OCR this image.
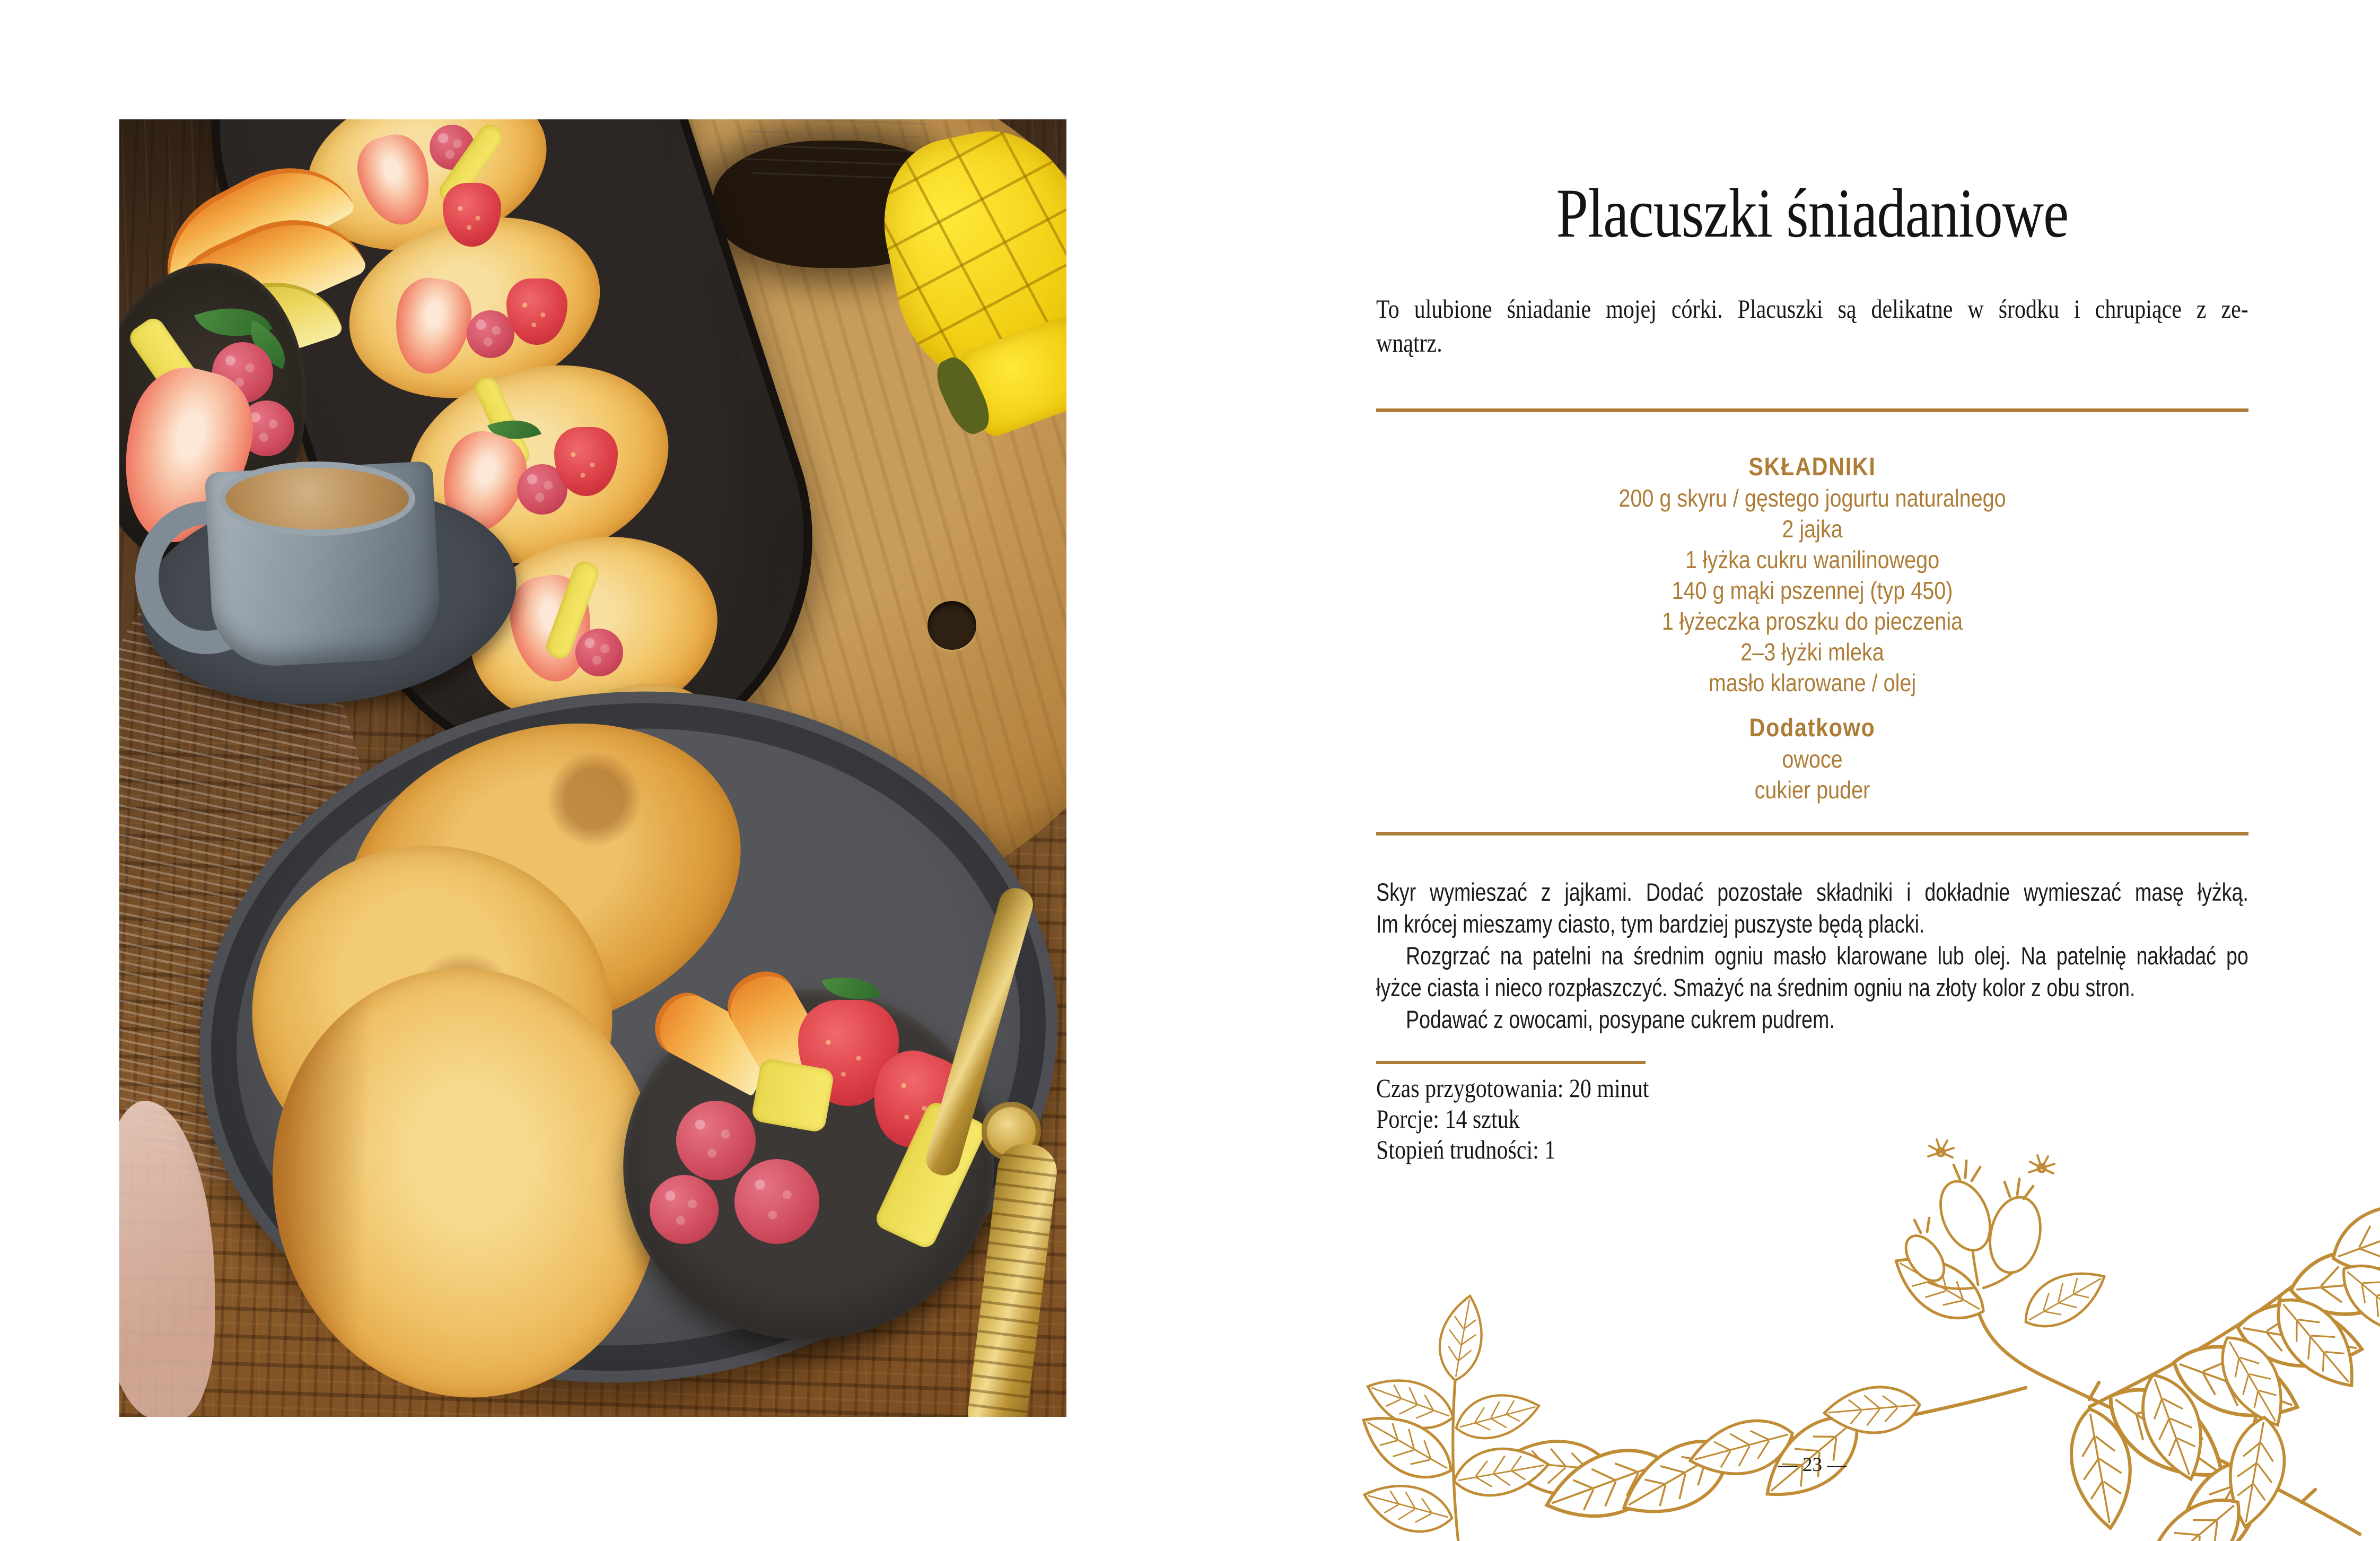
Placuszki śniadaniowe
To ulubione śniadanie mojej córki. Placuszki są delikatne w środku i chrupiące z ze-
wnątrz.
SKŁADNIKI
200 g skyru / gęstego jogurtu naturalnego
2 jajka
1 łyżka cukru wanilinowego
140 g mąki pszennej (typ 450)
1 łyżeczka proszku do pieczenia
2–3 łyżki mleka
masło klarowane / olej
Dodatkowo
owoce
cukier puder
Skyr wymieszać z jajkami. Dodać pozostałe składniki i dokładnie wymieszać masę łyżką.
Im krócej mieszamy ciasto, tym bardziej puszyste będą placki.
Rozgrzać na patelni na średnim ogniu masło klarowane lub olej. Na patelnię nakładać po
łyżce ciasta i nieco rozpłaszczyć. Smażyć na średnim ogniu na złoty kolor z obu stron.
Podawać z owocami, posypane cukrem pudrem.
Czas przygotowania: 20 minut
Porcje: 14 sztuk
Stopień trudności: 1
— 23 —
